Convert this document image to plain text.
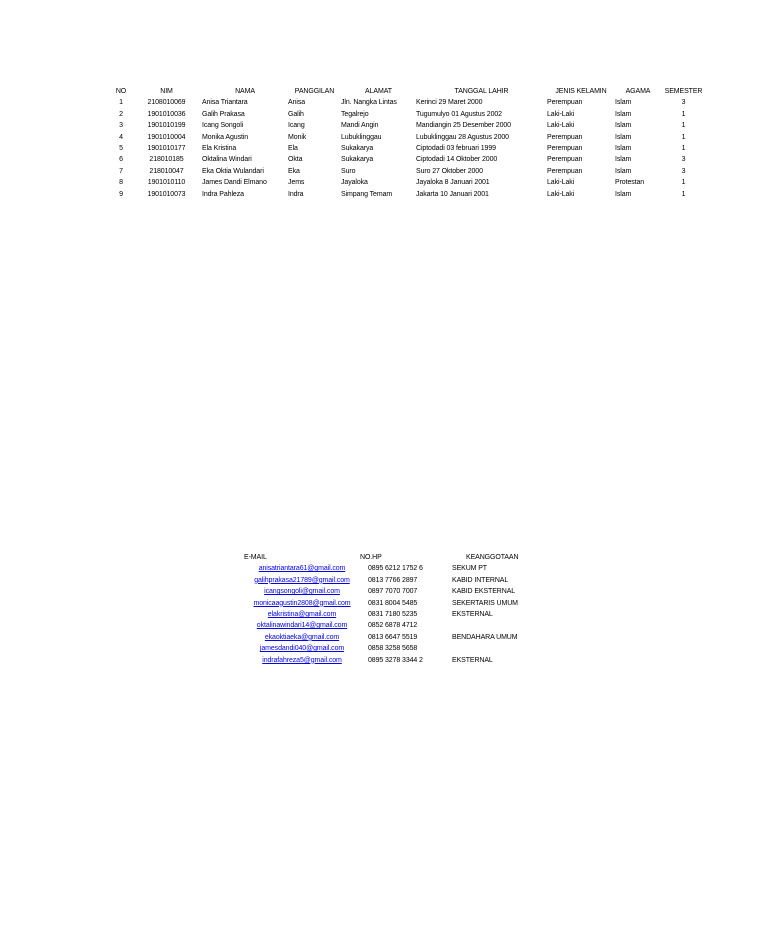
NO	NIM	NAMA	PANGGILAN	ALAMAT	TANGGAL LAHIR	JENIS KELAMIN	AGAMA	SEMESTER
1	2108010069	Anisa Triantara	Anisa	Jln. Nangka Lintas	Kerinci 29 Maret 2000	Perempuan	Islam	3
2	1901010036	Galih Prakasa	Galih	Tegalrejo	Tugumulyo 01 Agustus 2002	Laki-Laki	Islam	1
3	1901010199	Icang Songoli	Icang	Mandi Angin	Mandiangin 25 Desember 2000	Laki-Laki	Islam	1
4	1901010004	Monika Agustin	Monik	Lubuklinggau	Lubuklinggau 28 Agustus 2000	Perempuan	Islam	1
5	1901010177	Ela Kristina	Ela	Sukakarya	Ciptodadi 03 februari 1999	Perempuan	Islam	1
6	218010185	Oktalina Windari	Okta	Sukakarya	Ciptodadi 14 Oktober 2000	Perempuan	Islam	3
7	218010047	Eka Oktia Wulandari	Eka	Suro	Suro 27 Oktober 2000	Perempuan	Islam	3
8	1901010110	James Dandi Elmano	Jems	Jayaloka	Jayaloka 8 Januari 2001	Laki-Laki	Protestan	1
9	1901010073	Indra Pahleza	Indra	Simpang Temam	Jakarta 10 Januari 2001	Laki-Laki	Islam	1
E-MAIL	NO.HP	KEANGGOTAAN
anisatriantara61@gmail.com	0895 6212 1752 6	SEKUM PT
galihprakasa21789@gmail.com	0813 7766 2897	KABID INTERNAL
icangsongoli@gmail.com	0897 7070 7007	KABID EKSTERNAL
monicaagustin2808@gmail.com	0831 8004 5485	SEKERTARIS UMUM
elakristina@gmail.com	0831 7180 5235	EKSTERNAL
oktalinawindari14@gmail.com	0852 6878 4712	
ekaoktiaeka@gmail.com	0813 6647 5519	BENDAHARA UMUM
jamesdandi040@gmail.com	0858 3258 5658	
indrafahreza5@gmail.com	0895 3278 3344 2	EKSTERNAL
